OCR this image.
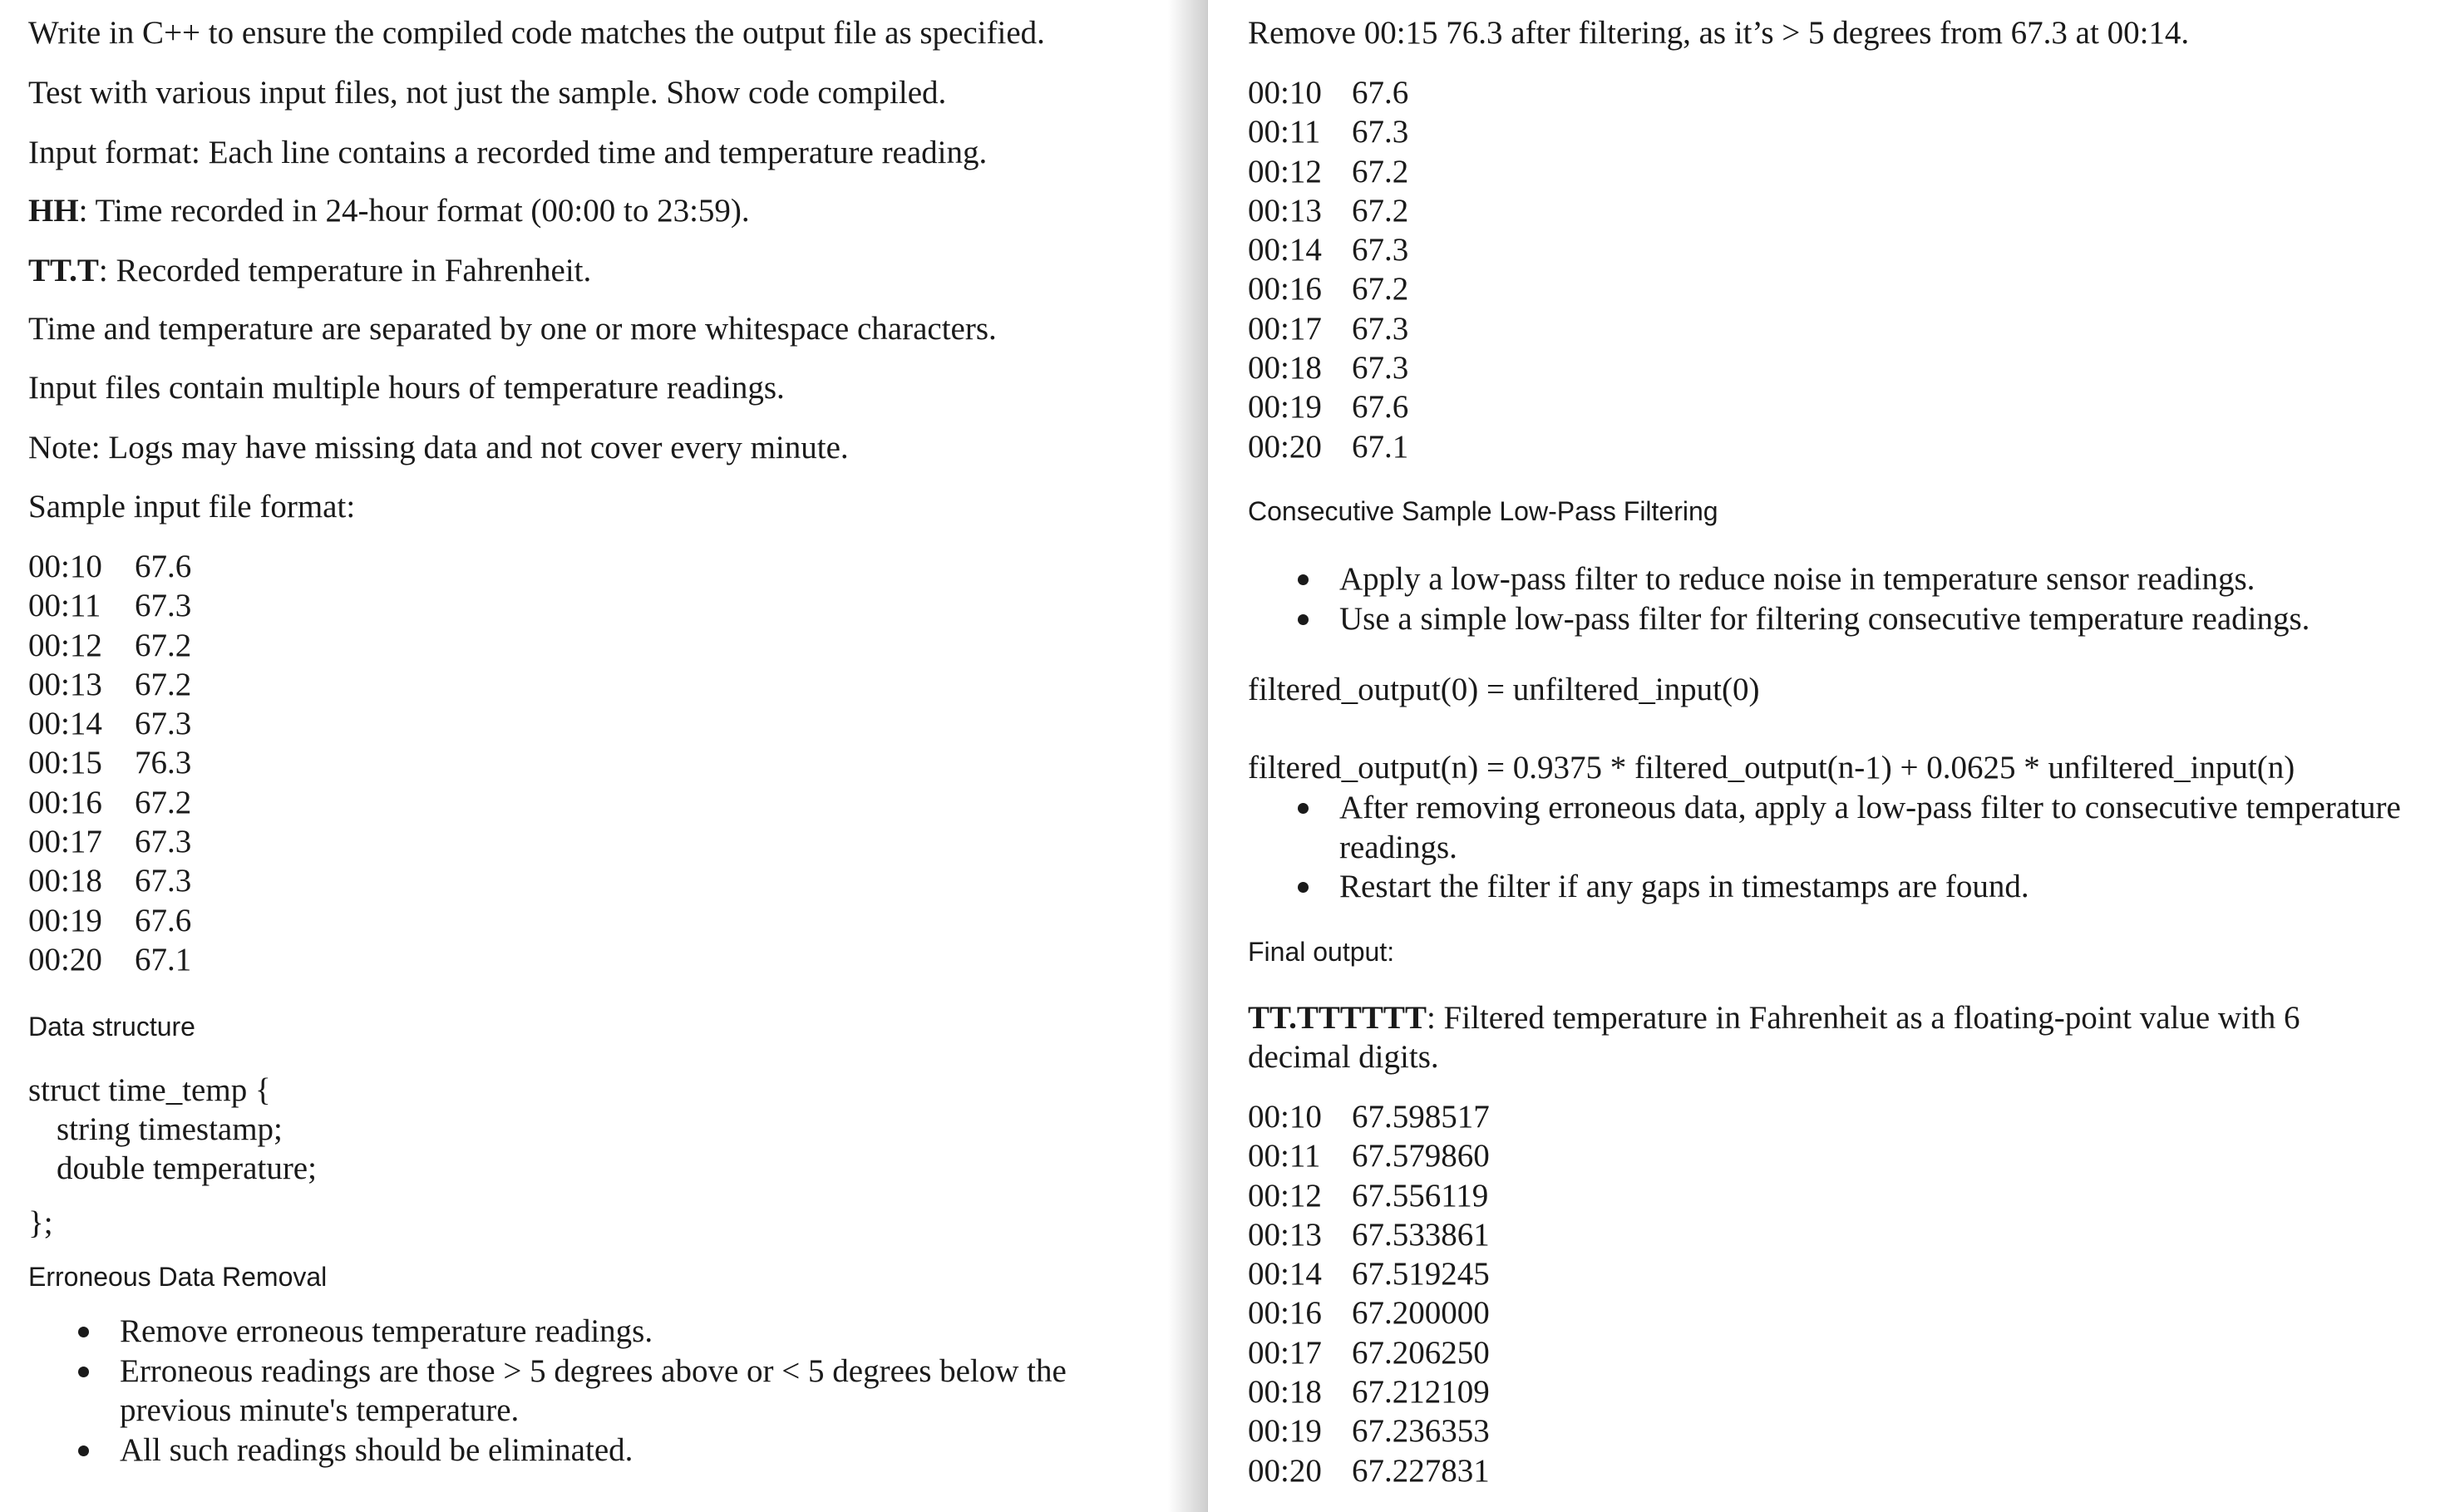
Write in C++ to ensure the compiled code matches the output file as specified.

Test with various input files, not just the sample. Show code compiled.

Input format: Each line contains a recorded time and temperature reading.

HH: Time recorded in 24-hour format (00:00 to 23:59).

TT.T: Recorded temperature in Fahrenheit.

Time and temperature are separated by one or more whitespace characters.

Input files contain multiple hours of temperature readings.

Note: Logs may have missing data and not cover every minute.

Sample input file format:

00:10	67.6
00:11	67.3
00:12	67.2
00:13	67.2
00:14	67.3
00:15	76.3
00:16	67.2
00:17	67.3
00:18	67.3
00:19	67.6
00:20	67.1

Data structure

struct time_temp {
string timestamp;
double temperature;

};

Erroneous Data Removal

Remove erroneous temperature readings.
Erroneous readings are those > 5 degrees above or < 5 degrees below the previous minute's temperature.
All such readings should be eliminated.

Remove 00:15 76.3 after filtering, as it’s > 5 degrees from 67.3 at 00:14.

00:10 67.6
00:11 67.3
00:12 67.2
00:13 67.2
00:14 67.3
00:16 67.2
00:17 67.3
00:18 67.3
00:19 67.6
00:20 67.1

Consecutive Sample Low-Pass Filtering

Apply a low-pass filter to reduce noise in temperature sensor readings.
Use a simple low-pass filter for filtering consecutive temperature readings.

filtered_output(0) = unfiltered_input(0)

filtered_output(n) = 0.9375 * filtered_output(n-1) + 0.0625 * unfiltered_input(n)

After removing erroneous data, apply a low-pass filter to consecutive temperature readings.
Restart the filter if any gaps in timestamps are found.

Final output:

TT.TTTTTT: Filtered temperature in Fahrenheit as a floating-point value with 6 decimal digits.

00:10 67.598517
00:11 67.579860
00:12 67.556119
00:13 67.533861
00:14 67.519245
00:16 67.200000
00:17 67.206250
00:18 67.212109
00:19 67.236353
00:20 67.227831
